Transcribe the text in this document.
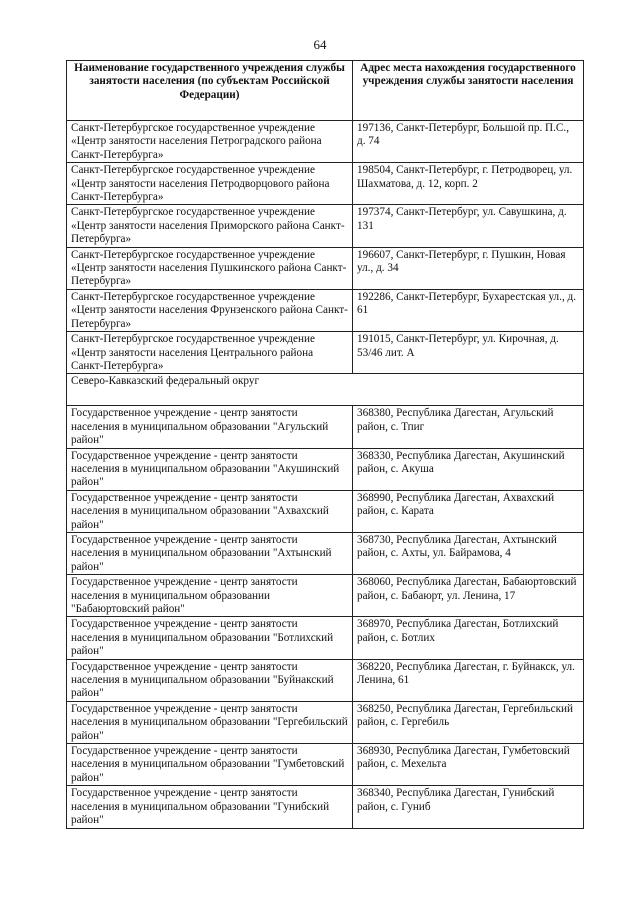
64
Наименование государственного учреждения службы занятости населения (по субъектам Российской Федерации)	Адрес места нахождения государственного учреждения службы занятости населения
Санкт-Петербургское государственное учреждение «Центр занятости населения Петроградского района Санкт-Петербурга»	197136, Санкт-Петербург, Большой пр. П.С., д. 74
Санкт-Петербургское государственное учреждение «Центр занятости населения Петродворцового района Санкт-Петербурга»	198504, Санкт-Петербург, г. Петродворец, ул. Шахматова, д. 12, корп. 2
Санкт-Петербургское государственное учреждение «Центр занятости населения Приморского района Санкт-Петербурга»	197374, Санкт-Петербург, ул. Савушкина, д. 131
Санкт-Петербургское государственное учреждение «Центр занятости населения Пушкинского района Санкт-Петербурга»	196607, Санкт-Петербург, г. Пушкин, Новая ул., д. 34
Санкт-Петербургское государственное учреждение «Центр занятости населения Фрунзенского района Санкт-Петербурга»	192286, Санкт-Петербург, Бухарестская ул., д. 61
Санкт-Петербургское государственное учреждение «Центр занятости населения Центрального района Санкт-Петербурга»	191015, Санкт-Петербург, ул. Кирочная, д. 53/46 лит. А
Северо-Кавказский федеральный округ	
Государственное учреждение - центр занятости населения в муниципальном образовании "Агульский район"	368380, Республика Дагестан, Агульский район, с. Тпиг
Государственное учреждение - центр занятости населения в муниципальном образовании "Акушинский район"	368330, Республика Дагестан, Акушинский район, с. Акуша
Государственное учреждение - центр занятости населения в муниципальном образовании "Ахвахский район"	368990, Республика Дагестан, Ахвахский район, с. Карата
Государственное учреждение - центр занятости населения в муниципальном образовании "Ахтынский район"	368730, Республика Дагестан, Ахтынский район, с. Ахты, ул. Байрамова, 4
Государственное учреждение - центр занятости населения в муниципальном образовании "Бабаюртовский район"	368060, Республика Дагестан, Бабаюртовский район, с. Бабаюрт, ул. Ленина, 17
Государственное учреждение - центр занятости населения в муниципальном образовании "Ботлихский район"	368970, Республика Дагестан, Ботлихский район, с. Ботлих
Государственное учреждение - центр занятости населения в муниципальном образовании "Буйнакский район"	368220, Республика Дагестан, г. Буйнакск, ул. Ленина, 61
Государственное учреждение - центр занятости населения в муниципальном образовании "Гергебильский район"	368250, Республика Дагестан, Гергебильский район, с. Гергебиль
Государственное учреждение - центр занятости населения в муниципальном образовании "Гумбетовский район"	368930, Республика Дагестан, Гумбетовский район, с. Мехельта
Государственное учреждение - центр занятости населения в муниципальном образовании "Гунибский район"	368340, Республика Дагестан, Гунибский район, с. Гуниб
